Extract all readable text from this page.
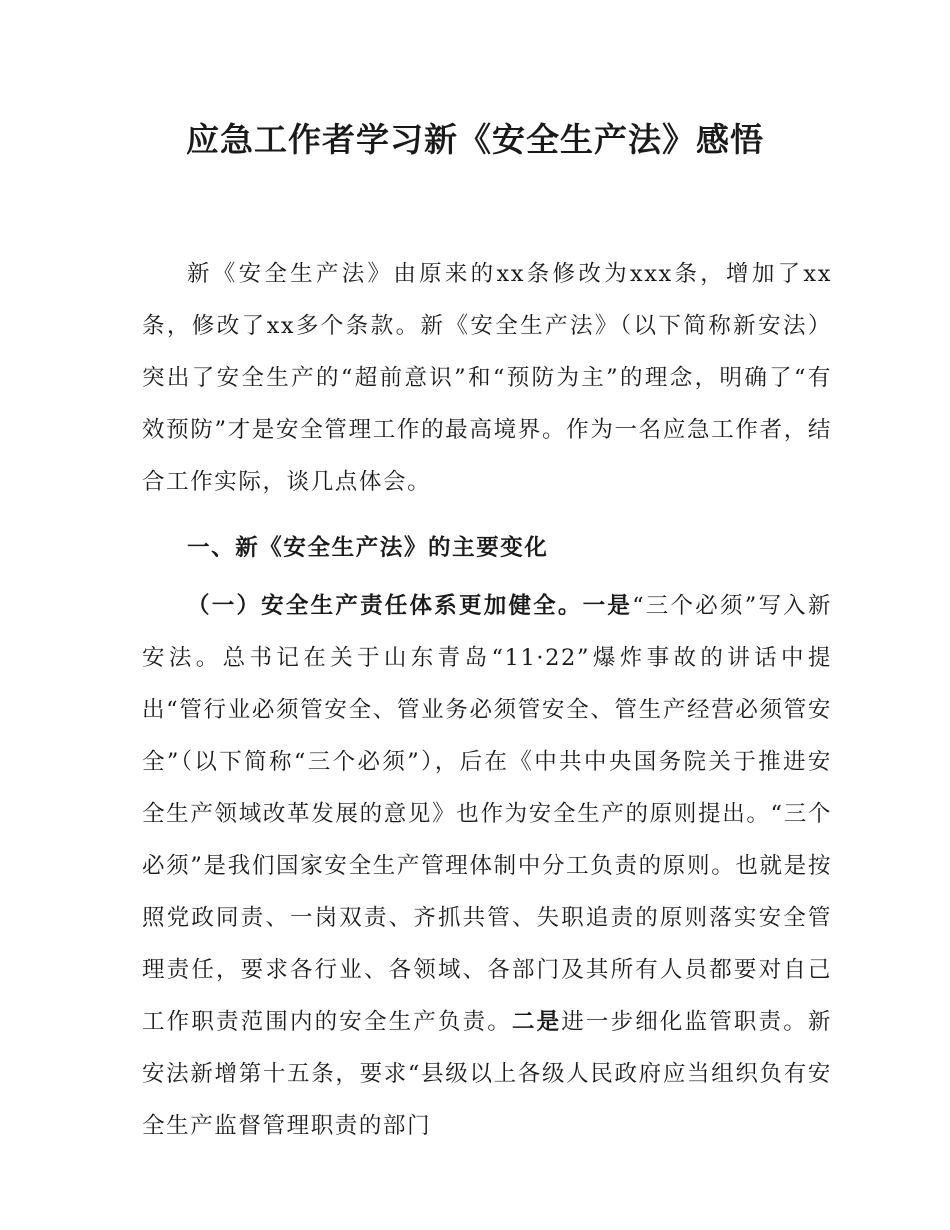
应急工作者学习新《安全生产法》感悟

新《安全生产法》由原来的xx条修改为xxx条，增加了xx条，修改了xx多个条款。新《安全生产法》（以下简称新安法）突出了安全生产的“超前意识”和“预防为主”的理念，明确了“有效预防”才是安全管理工作的最高境界。作为一名应急工作者，结合工作实际，谈几点体会。

一、新《安全生产法》的主要变化

（一）安全生产责任体系更加健全。一是“三个必须”写入新安法。总书记在关于山东青岛“11·22”爆炸事故的讲话中提出“管行业必须管安全、管业务必须管安全、管生产经营必须管安全”（以下简称“三个必须”），后在《中共中央国务院关于推进安全生产领域改革发展的意见》也作为安全生产的原则提出。“三个必须”是我们国家安全生产管理体制中分工负责的原则。也就是按照党政同责、一岗双责、齐抓共管、失职追责的原则落实安全管理责任，要求各行业、各领域、各部门及其所有人员都要对自己工作职责范围内的安全生产负责。二是进一步细化监管职责。新安法新增第十五条，要求“县级以上各级人民政府应当组织负有安全生产监督管理职责的部门
